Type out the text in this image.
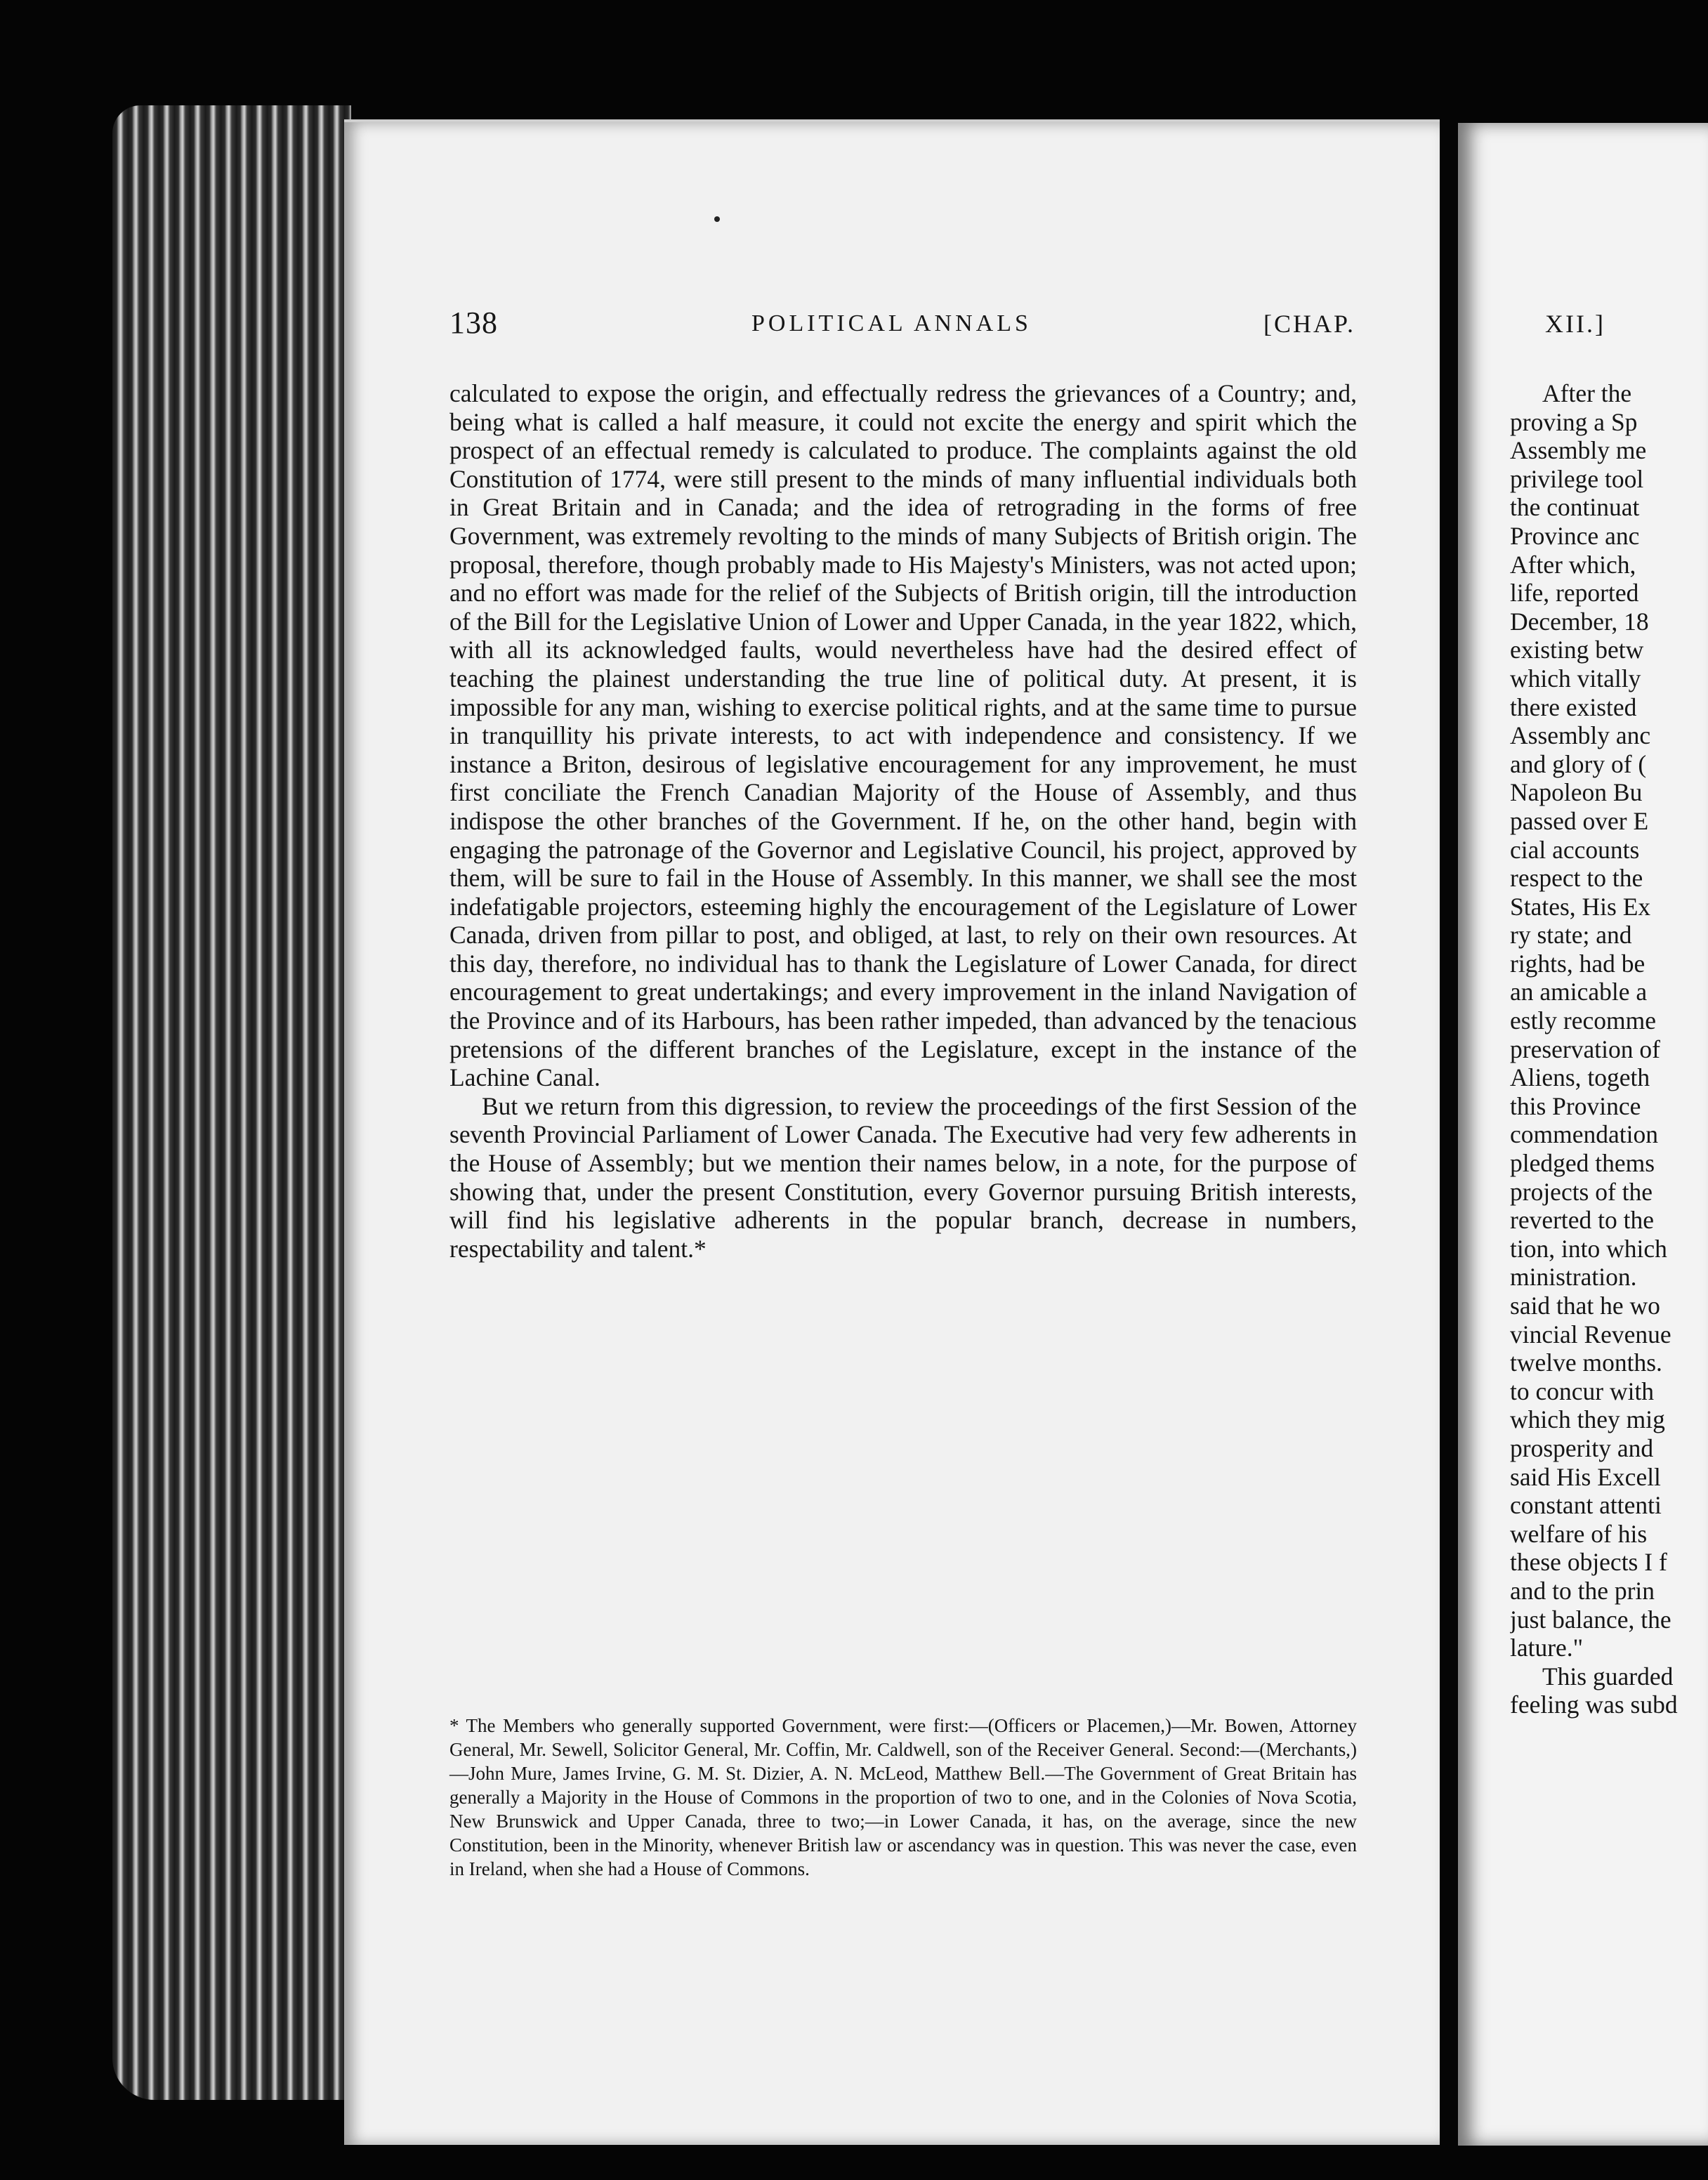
138	POLITICAL ANNALS	[CHAP.

calculated to expose the origin, and effectually redress the grievances of a Country; and, being what is called a half measure, it could not excite the energy and spirit which the prospect of an effectual remedy is calculated to produce. The complaints against the old Constitution of 1774, were still present to the minds of many influential individuals both in Great Britain and in Canada; and the idea of retrograding in the forms of free Government, was extremely revolting to the minds of many Subjects of British origin. The proposal, therefore, though probably made to His Majesty's Ministers, was not acted upon; and no effort was made for the relief of the Subjects of British origin, till the introduction of the Bill for the Legislative Union of Lower and Upper Canada, in the year 1822, which, with all its acknowledged faults, would nevertheless have had the desired effect of teaching the plainest understanding the true line of political duty. At present, it is impossible for any man, wishing to exercise political rights, and at the same time to pursue in tranquillity his private interests, to act with independence and consistency. If we instance a Briton, desirous of legislative encouragement for any improvement, he must first conciliate the French Canadian Majority of the House of Assembly, and thus indispose the other branches of the Government. If he, on the other hand, begin with engaging the patronage of the Governor and Legislative Council, his project, approved by them, will be sure to fail in the House of Assembly. In this manner, we shall see the most indefatigable projectors, esteeming highly the encouragement of the Legislature of Lower Canada, driven from pillar to post, and obliged, at last, to rely on their own resources. At this day, therefore, no individual has to thank the Legislature of Lower Canada, for direct encouragement to great undertakings; and every improvement in the inland Navigation of the Province and of its Harbours, has been rather impeded, than advanced by the tenacious pretensions of the different branches of the Legislature, except in the instance of the Lachine Canal.

But we return from this digression, to review the proceedings of the first Session of the seventh Provincial Parliament of Lower Canada. The Executive had very few adherents in the House of Assembly; but we mention their names below, in a note, for the purpose of showing that, under the present Constitution, every Governor pursuing British interests, will find his legislative adherents in the popular branch, decrease in numbers, respectability and talent.*

* The Members who generally supported Government, were first:—(Officers or Placemen,)—Mr. Bowen, Attorney General, Mr. Sewell, Solicitor General, Mr. Coffin, Mr. Caldwell, son of the Receiver General. Second:—(Merchants,)—John Mure, James Irvine, G. M. St. Dizier, A. N. McLeod, Matthew Bell.—The Government of Great Britain has generally a Majority in the House of Commons in the proportion of two to one, and in the Colonies of Nova Scotia, New Brunswick and Upper Canada, three to two;—in Lower Canada, it has, on the average, since the new Constitution, been in the Minority, whenever British law or ascendancy was in question. This was never the case, even in Ireland, when she had a House of Commons.

XII.]
After the
proving a Sp
Assembly me
privilege tool
the continuat
Province anc
After which,
life, reported
December, 18
existing betw
which vitally
there existed
Assembly anc
and glory of (
Napoleon Bu
passed over E
cial accounts
respect to the
States, His Ex
ry state; and
rights, had be
an amicable a
estly recomme
preservation of
Aliens, togeth
this Province
commendation
pledged thems
projects of the
reverted to the
tion, into which
ministration.
said that he wo
vincial Revenue
twelve months.
to concur with
which they mig
prosperity and
said His Excell
constant attenti
welfare of his
these objects I f
and to the prin
just balance, the
lature."
This guarded
feeling was subd
